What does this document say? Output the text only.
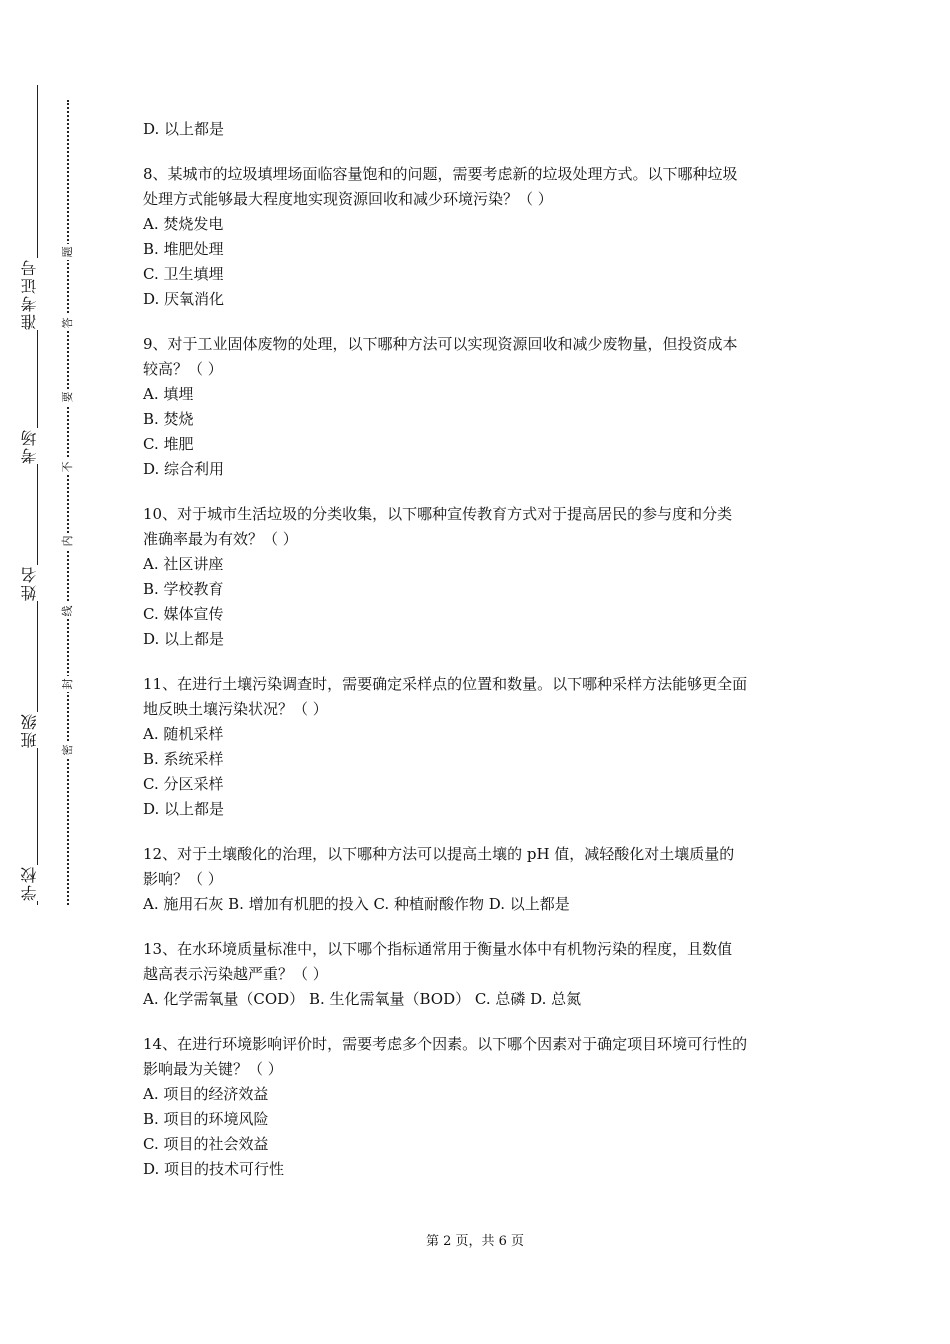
学校
班级
姓名
考场
准考证号
密
封
线
内
不
要
答
题
D. 以上都是
8、某城市的垃圾填埋场面临容量饱和的问题，需要考虑新的垃圾处理方式。以下哪种垃圾
处理方式能够最大程度地实现资源回收和减少环境污染？（ ）
A. 焚烧发电
B. 堆肥处理
C. 卫生填埋
D. 厌氧消化
9、对于工业固体废物的处理，以下哪种方法可以实现资源回收和减少废物量，但投资成本
较高？（ ）
A. 填埋
B. 焚烧
C. 堆肥
D. 综合利用
10、对于城市生活垃圾的分类收集，以下哪种宣传教育方式对于提高居民的参与度和分类
准确率最为有效？（ ）
A. 社区讲座
B. 学校教育
C. 媒体宣传
D. 以上都是
11、在进行土壤污染调查时，需要确定采样点的位置和数量。以下哪种采样方法能够更全面
地反映土壤污染状况？（ ）
A. 随机采样
B. 系统采样
C. 分区采样
D. 以上都是
12、对于土壤酸化的治理，以下哪种方法可以提高土壤的 pH 值，减轻酸化对土壤质量的
影响？（ ）
A. 施用石灰 B. 增加有机肥的投入 C. 种植耐酸作物 D. 以上都是
13、在水环境质量标准中，以下哪个指标通常用于衡量水体中有机物污染的程度，且数值
越高表示污染越严重？（ ）
A. 化学需氧量（COD） B. 生化需氧量（BOD） C. 总磷 D. 总氮
14、在进行环境影响评价时，需要考虑多个因素。以下哪个因素对于确定项目环境可行性的
影响最为关键？（ ）
A. 项目的经济效益
B. 项目的环境风险
C. 项目的社会效益
D. 项目的技术可行性
第 2 页，共 6 页
